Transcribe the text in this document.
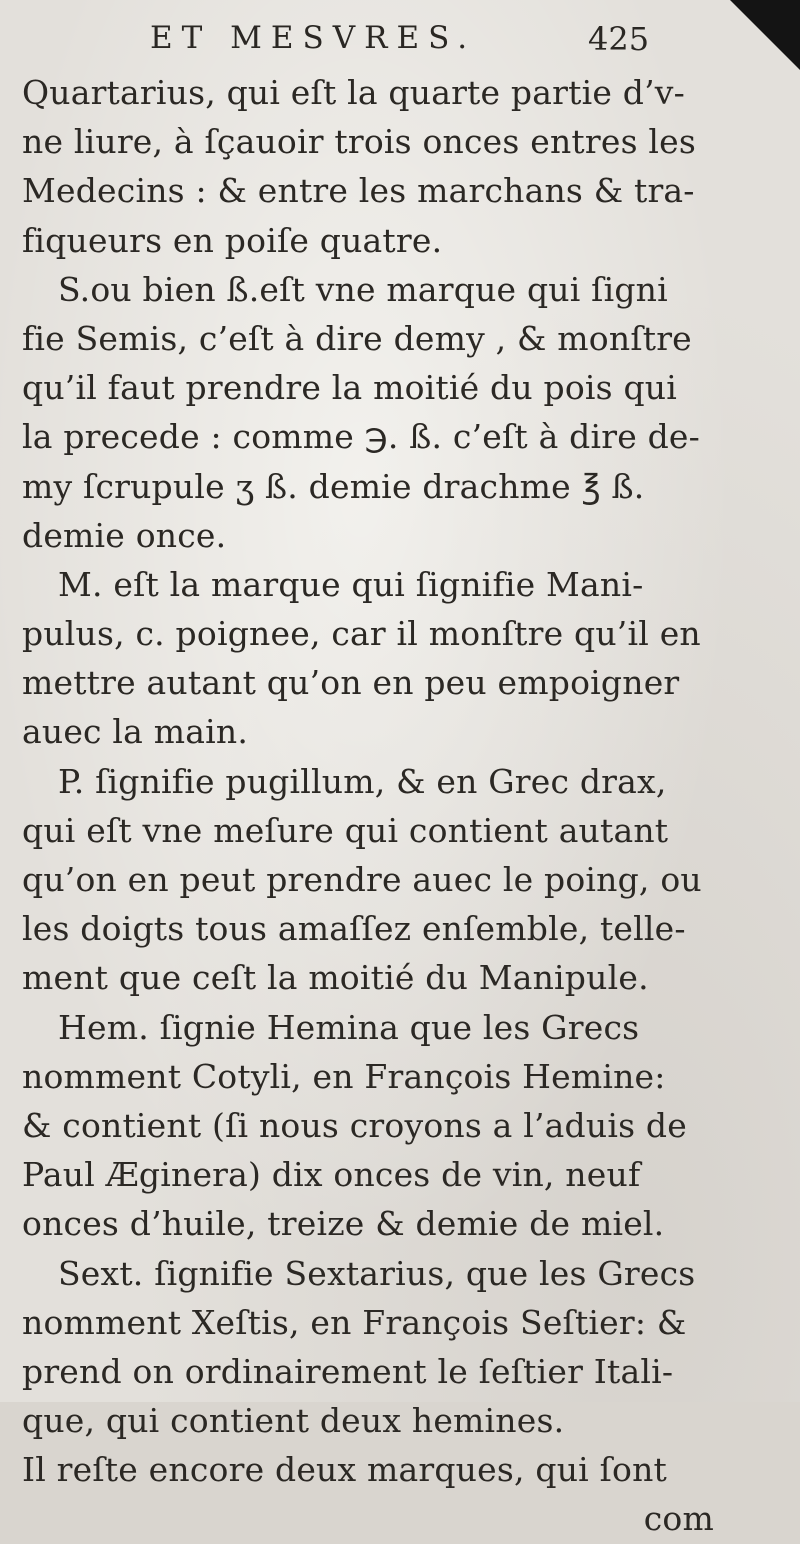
ET MESVRES.	425
Quartarius, qui eſt la quarte partie d’v-
ne liure, à ſçauoir trois onces entres les
Medecins : & entre les marchans & tra-
fiqueurs en poiſe quatre.
S.ou bien ß.eſt vne marque qui ſigni
fie Semis, c’eſt à dire demy , & monſtre
qu’il faut prendre la moitié du pois qui
la precede : comme ℈. ß. c’eſt à dire de-
my ſcrupule ʒ ß. demie drachme ℥ ß.
demie once.
M. eſt la marque qui ſignifie Mani-
pulus, c. poignee, car il monſtre qu’il en
mettre autant qu’on en peu empoigner
auec la main.
P. ſignifie pugillum, & en Grec drax,
qui eſt vne meſure qui contient autant
qu’on en peut prendre auec le poing, ou
les doigts tous amaſſez enſemble, telle-
ment que ceſt la moitié du Manipule.
Hem. ſignie Hemina que les Grecs
nomment Cotyli, en François Hemine:
& contient (ſi nous croyons a l’aduis de
Paul Æginera) dix onces de vin, neuf
onces d’huile, treize & demie de miel.
Sext. ſignifie Sextarius, que les Grecs
nomment Xeſtis, en François Seſtier: &
prend on ordinairement le ſeſtier Itali-
que, qui contient deux hemines.
Il reſte encore deux marques, qui ſont
com
